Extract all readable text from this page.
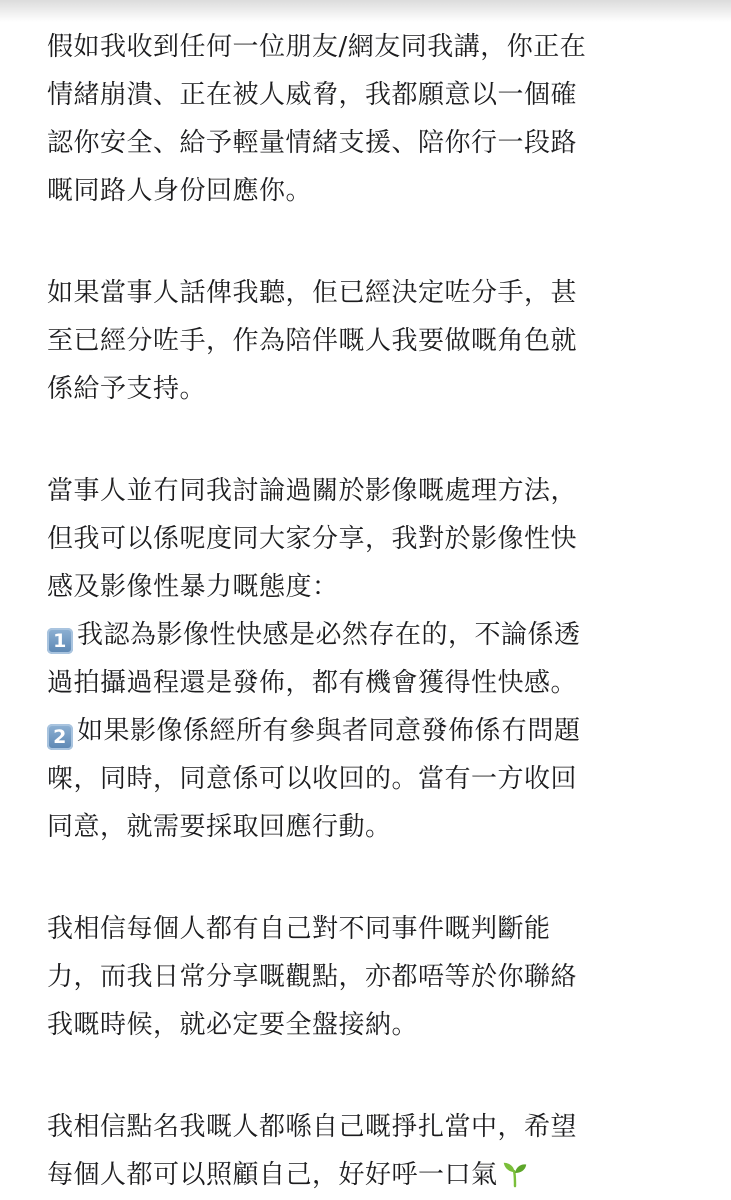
假如我收到任何一位朋友/網友同我講，你正在
情緒崩潰、正在被人威脅，我都願意以一個確
認你安全、給予輕量情緒支援、陪你行一段路
嘅同路人身份回應你。
如果當事人話俾我聽，佢已經決定咗分手，甚
至已經分咗手，作為陪伴嘅人我要做嘅角色就
係給予支持。
當事人並冇同我討論過關於影像嘅處理方法，
但我可以係呢度同大家分享，我對於影像性快
感及影像性暴力嘅態度：
1 我認為影像性快感是必然存在的，不論係透
過拍攝過程還是發佈，都有機會獲得性快感。
2 如果影像係經所有參與者同意發佈係冇問題
㗎，同時，同意係可以收回的。當有一方收回
同意，就需要採取回應行動。
我相信每個人都有自己對不同事件嘅判斷能
力，而我日常分享嘅觀點，亦都唔等於你聯絡
我嘅時候，就必定要全盤接納。
我相信點名我嘅人都喺自己嘅掙扎當中，希望
每個人都可以照顧自己，好好呼一口氣
